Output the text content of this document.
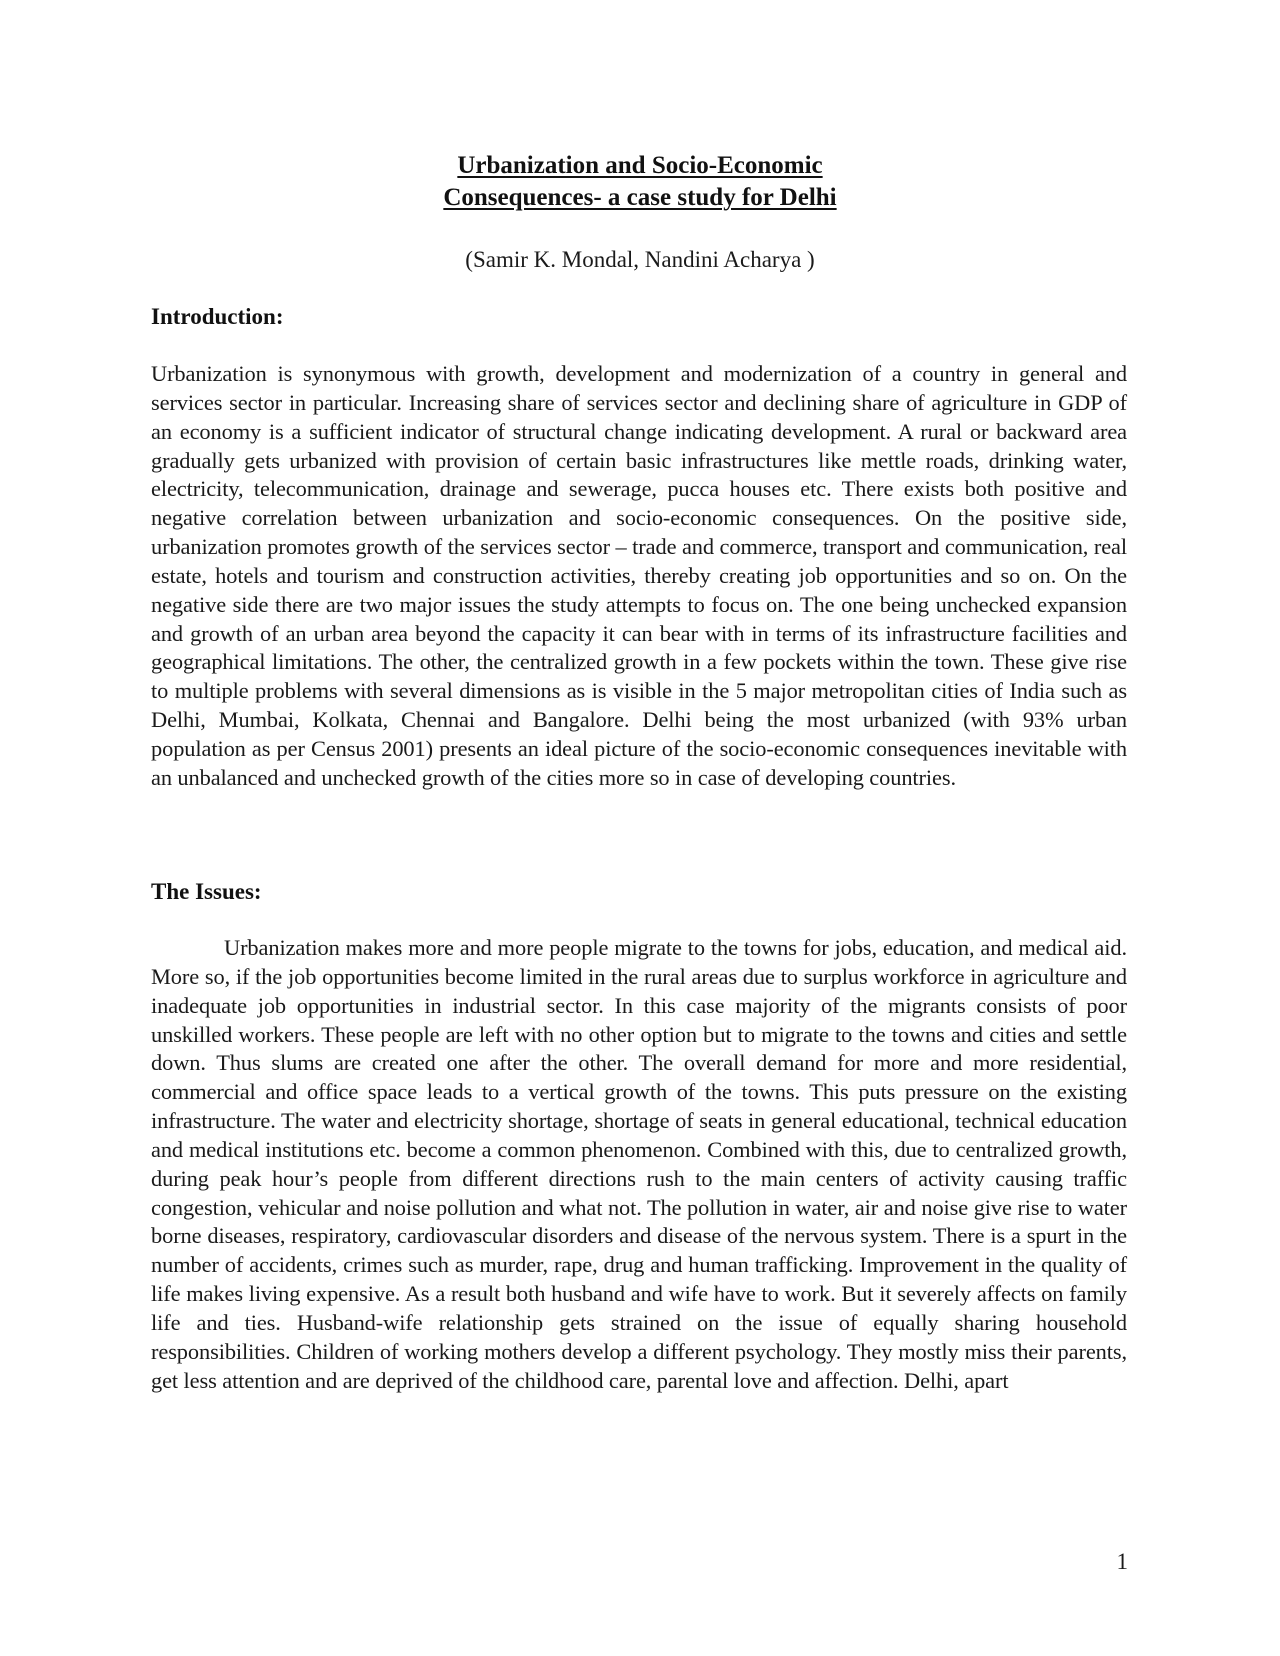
Urbanization and Socio-Economic
Consequences- a case study for Delhi
(Samir K. Mondal, Nandini Acharya )
Introduction:

Urbanization is synonymous with growth, development and modernization of a country in general and services sector in particular. Increasing share of services sector and declining share of agriculture in GDP of an economy is a sufficient indicator of structural change indicating development. A rural or backward area gradually gets urbanized with provision of certain basic infrastructures like mettle roads, drinking water, electricity, telecommunication, drainage and sewerage, pucca houses etc. There exists both positive and negative correlation between urbanization and socio-economic consequences. On the positive side, urbanization promotes growth of the services sector – trade and commerce, transport and communication, real estate, hotels and tourism and construction activities, thereby creating job opportunities and so on. On the negative side there are two major issues the study attempts to focus on. The one being unchecked expansion and growth of an urban area beyond the capacity it can bear with in terms of its infrastructure facilities and geographical limitations. The other, the centralized growth in a few pockets within the town. These give rise to multiple problems with several dimensions as is visible in the 5 major metropolitan cities of India such as Delhi, Mumbai, Kolkata, Chennai and Bangalore. Delhi being the most urbanized (with 93% urban population as per Census 2001) presents an ideal picture of the socio-economic consequences inevitable with an unbalanced and unchecked growth of the cities more so in case of developing countries.

The Issues:

Urbanization makes more and more people migrate to the towns for jobs, education, and medical aid. More so, if the job opportunities become limited in the rural areas due to surplus workforce in agriculture and inadequate job opportunities in industrial sector. In this case majority of the migrants consists of poor unskilled workers. These people are left with no other option but to migrate to the towns and cities and settle down. Thus slums are created one after the other. The overall demand for more and more residential, commercial and office space leads to a vertical growth of the towns. This puts pressure on the existing infrastructure. The water and electricity shortage, shortage of seats in general educational, technical education and medical institutions etc. become a common phenomenon. Combined with this, due to centralized growth, during peak hour’s people from different directions rush to the main centers of activity causing traffic congestion, vehicular and noise pollution and what not. The pollution in water, air and noise give rise to water borne diseases, respiratory, cardiovascular disorders and disease of the nervous system. There is a spurt in the number of accidents, crimes such as murder, rape, drug and human trafficking. Improvement in the quality of life makes living expensive. As a result both husband and wife have to work. But it severely affects on family life and ties. Husband-wife relationship gets strained on the issue of equally sharing household responsibilities. Children of working mothers develop a different psychology. They mostly miss their parents, get less attention and are deprived of the childhood care, parental love and affection. Delhi, apart

1
